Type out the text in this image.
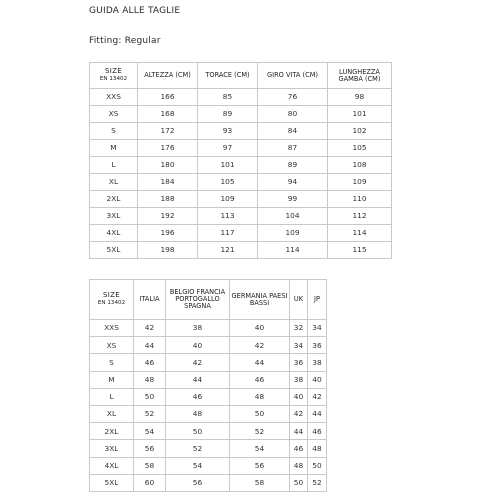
GUIDA ALLE TAGLIE
Fitting: Regular
SIZE
EN 13402	ALTEZZA (CM)	TORACE (CM)	GIRO VITA (CM)	LUNGHEZZA GAMBA (CM)
XXS	166	85	76	98
XS	168	89	80	101
S	172	93	84	102
M	176	97	87	105
L	180	101	89	108
XL	184	105	94	109
2XL	188	109	99	110
3XL	192	113	104	112
4XL	196	117	109	114
5XL	198	121	114	115
SIZE
EN 13402	ITALIA	BELGIO FRANCIA PORTOGALLO SPAGNA	GERMANIA PAESI BASSI	UK	JP
XXS	42	38	40	32	34
XS	44	40	42	34	36
S	46	42	44	36	38
M	48	44	46	38	40
L	50	46	48	40	42
XL	52	48	50	42	44
2XL	54	50	52	44	46
3XL	56	52	54	46	48
4XL	58	54	56	48	50
5XL	60	56	58	50	52
